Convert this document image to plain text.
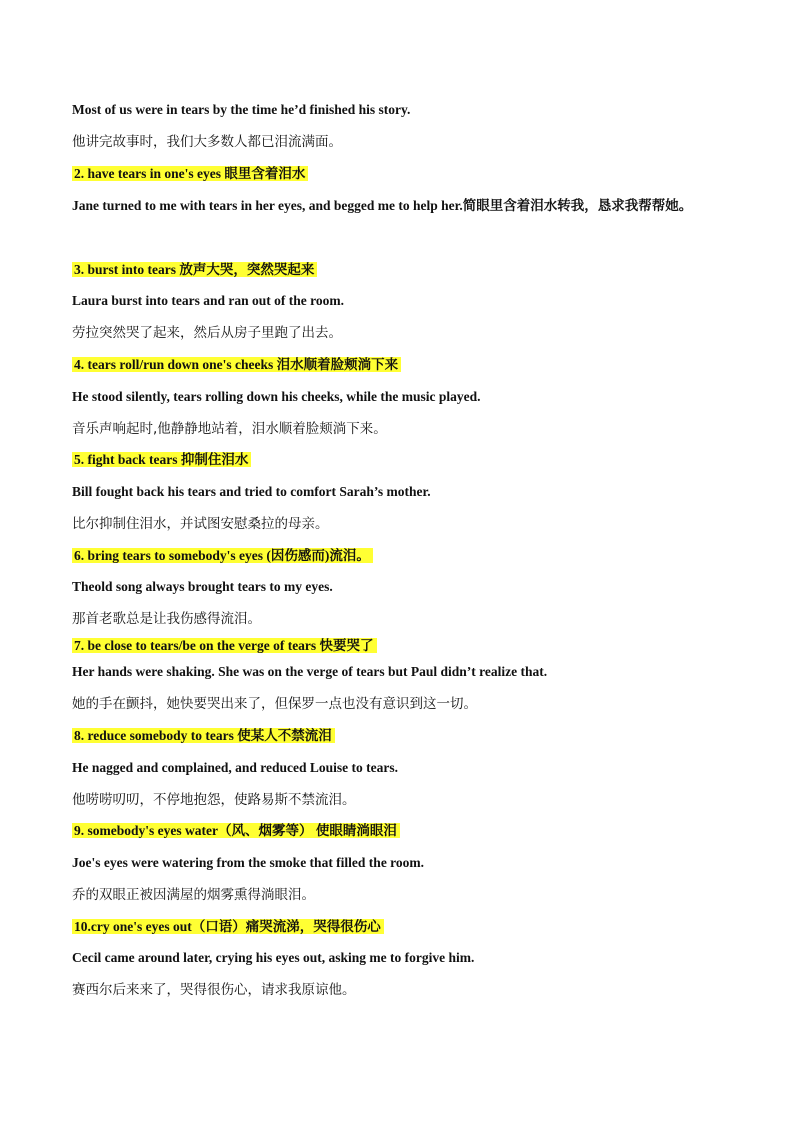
Most of us were in tears by the time he’d finished his story.
他讲完故事时，我们大多数人都已泪流满面。
2. have tears in one's eyes 眼里含着泪水
Jane turned to me with tears in her eyes, and begged me to help her.简眼里含着泪水转我，恳求我帮帮她。
3. burst into tears 放声大哭，突然哭起来
Laura burst into tears and ran out of the room.
劳拉突然哭了起来，然后从房子里跑了出去。
4. tears roll/run down one's cheeks 泪水顺着脸颊淌下来
He stood silently, tears rolling down his cheeks, while the music played.
音乐声响起时,他静静地站着，泪水顺着脸颊淌下来。
5. fight back tears 抑制住泪水
Bill fought back his tears and tried to comfort Sarah’s mother.
比尔抑制住泪水，并试图安慰桑拉的母亲。
6. bring tears to somebody's eyes (因伤感而)流泪。
Theold song always brought tears to my eyes.
那首老歌总是让我伤感得流泪。
7. be close to tears/be on the verge of tears 快要哭了
Her hands were shaking. She was on the verge of tears but Paul didn’t realize that.
她的手在颤抖，她快要哭出来了，但保罗一点也没有意识到这一切。
8. reduce somebody to tears 使某人不禁流泪
He nagged and complained, and reduced Louise to tears.
他唠唠叨叨，不停地抱怨，使路易斯不禁流泪。
9. somebody's eyes water（风、烟雾等） 使眼睛淌眼泪
Joe's eyes were watering from the smoke that filled the room.
乔的双眼正被因满屋的烟雾熏得淌眼泪。
10.cry one's eyes out（口语）痛哭流涕，哭得很伤心
Cecil came around later, crying his eyes out, asking me to forgive him.
赛西尔后来来了，哭得很伤心，请求我原谅他。
